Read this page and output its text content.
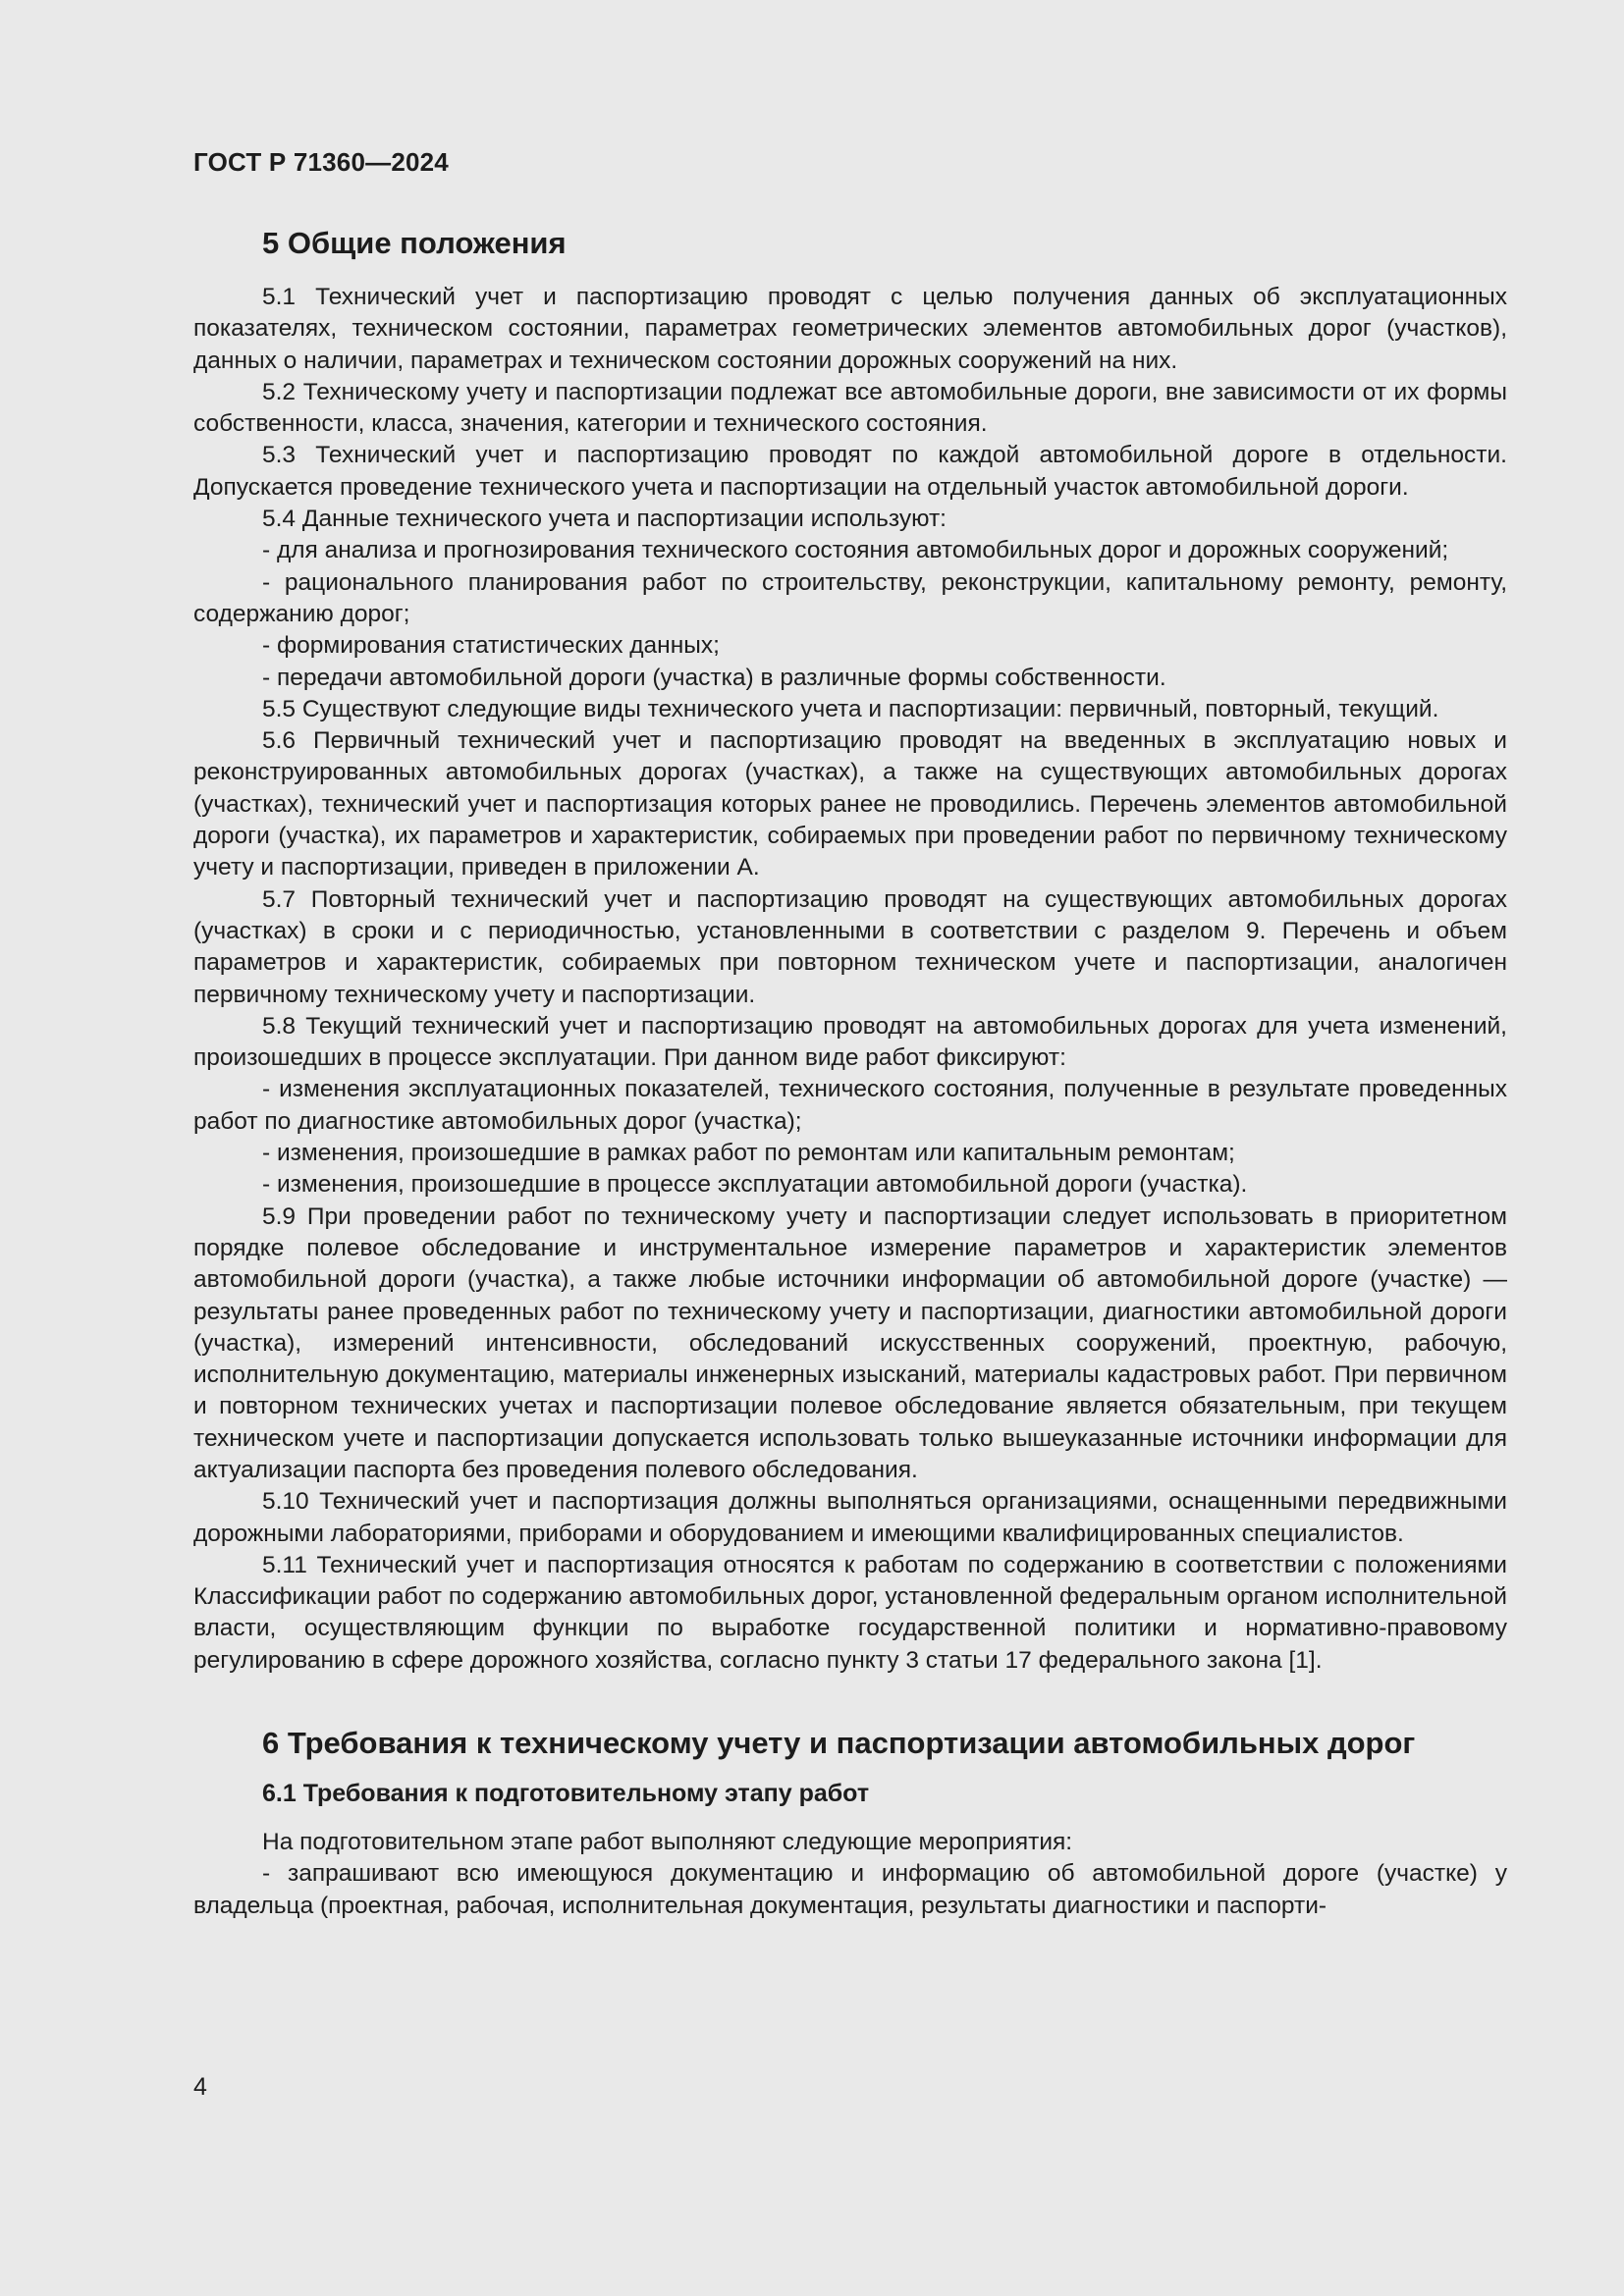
ГОСТ Р 71360—2024
5 Общие положения

5.1 Технический учет и паспортизацию проводят с целью получения данных об эксплуатационных показателях, техническом состоянии, параметрах геометрических элементов автомобильных дорог (участков), данных о наличии, параметрах и техническом состоянии дорожных сооружений на них.

5.2 Техническому учету и паспортизации подлежат все автомобильные дороги, вне зависимости от их формы собственности, класса, значения, категории и технического состояния.

5.3 Технический учет и паспортизацию проводят по каждой автомобильной дороге в отдельности. Допускается проведение технического учета и паспортизации на отдельный участок автомобильной дороги.

5.4 Данные технического учета и паспортизации используют:

- для анализа и прогнозирования технического состояния автомобильных дорог и дорожных сооружений;

- рационального планирования работ по строительству, реконструкции, капитальному ремонту, ремонту, содержанию дорог;

- формирования статистических данных;

- передачи автомобильной дороги (участка) в различные формы собственности.

5.5 Существуют следующие виды технического учета и паспортизации: первичный, повторный, текущий.

5.6 Первичный технический учет и паспортизацию проводят на введенных в эксплуатацию новых и реконструированных автомобильных дорогах (участках), а также на существующих автомобильных дорогах (участках), технический учет и паспортизация которых ранее не проводились. Перечень элементов автомобильной дороги (участка), их параметров и характеристик, собираемых при проведении работ по первичному техническому учету и паспортизации, приведен в приложении А.

5.7 Повторный технический учет и паспортизацию проводят на существующих автомобильных дорогах (участках) в сроки и с периодичностью, установленными в соответствии с разделом 9. Перечень и объем параметров и характеристик, собираемых при повторном техническом учете и паспортизации, аналогичен первичному техническому учету и паспортизации.

5.8 Текущий технический учет и паспортизацию проводят на автомобильных дорогах для учета изменений, произошедших в процессе эксплуатации. При данном виде работ фиксируют:

- изменения эксплуатационных показателей, технического состояния, полученные в результате проведенных работ по диагностике автомобильных дорог (участка);

- изменения, произошедшие в рамках работ по ремонтам или капитальным ремонтам;

- изменения, произошедшие в процессе эксплуатации автомобильной дороги (участка).

5.9 При проведении работ по техническому учету и паспортизации следует использовать в приоритетном порядке полевое обследование и инструментальное измерение параметров и характеристик элементов автомобильной дороги (участка), а также любые источники информации об автомобильной дороге (участке) — результаты ранее проведенных работ по техническому учету и паспортизации, диагностики автомобильной дороги (участка), измерений интенсивности, обследований искусственных сооружений, проектную, рабочую, исполнительную документацию, материалы инженерных изысканий, материалы кадастровых работ. При первичном и повторном технических учетах и паспортизации полевое обследование является обязательным, при текущем техническом учете и паспортизации допускается использовать только вышеуказанные источники информации для актуализации паспорта без проведения полевого обследования.

5.10 Технический учет и паспортизация должны выполняться организациями, оснащенными передвижными дорожными лабораториями, приборами и оборудованием и имеющими квалифицированных специалистов.

5.11 Технический учет и паспортизация относятся к работам по содержанию в соответствии с положениями Классификации работ по содержанию автомобильных дорог, установленной федеральным органом исполнительной власти, осуществляющим функции по выработке государственной политики и нормативно-правовому регулированию в сфере дорожного хозяйства, согласно пункту 3 статьи 17 федерального закона [1].

6 Требования к техническому учету и паспортизации автомобильных дорог
6.1 Требования к подготовительному этапу работ

На подготовительном этапе работ выполняют следующие мероприятия:

- запрашивают всю имеющуюся документацию и информацию об автомобильной дороге (участке) у владельца (проектная, рабочая, исполнительная документация, результаты диагностики и паспорти-

4
